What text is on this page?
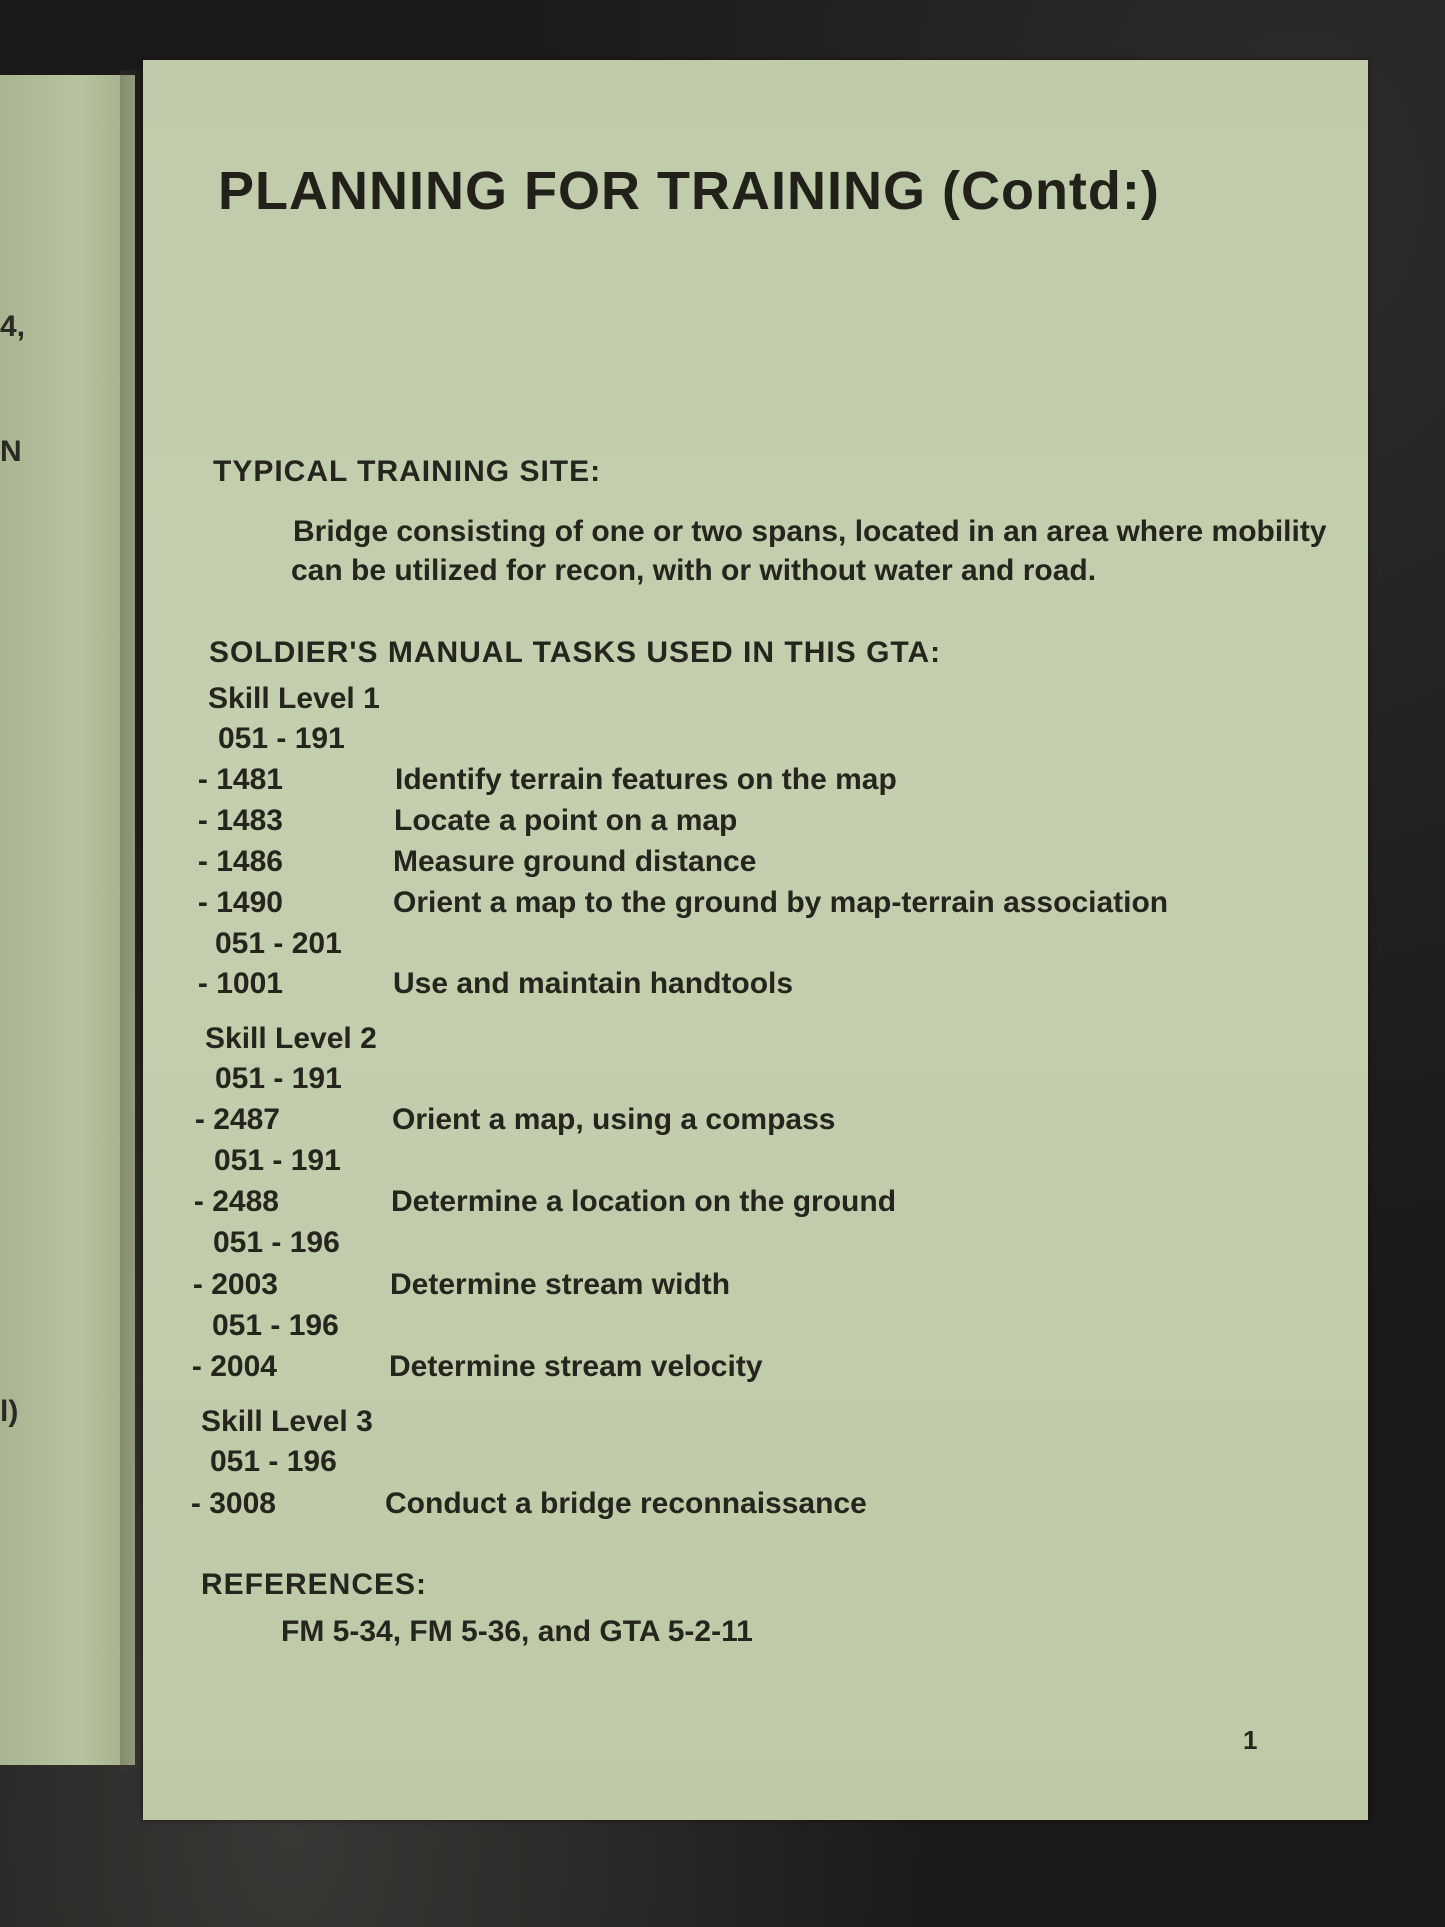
4,
N
l)
PLANNING FOR TRAINING (Contd:)
TYPICAL TRAINING SITE:
Bridge consisting of one or two spans, located in an area where mobility
can be utilized for recon, with or without water and road.
SOLDIER'S MANUAL TASKS USED IN THIS GTA:
Skill Level 1
051 - 191
- 1481	Identify terrain features on the map
- 1483	Locate a point on a map
- 1486	Measure ground distance
- 1490	Orient a map to the ground by map-terrain association
051 - 201
- 1001	Use and maintain handtools
Skill Level 2
051 - 191
- 2487	Orient a map, using a compass
051 - 191
- 2488	Determine a location on the ground
051 - 196
- 2003	Determine stream width
051 - 196
- 2004	Determine stream velocity
Skill Level 3
051 - 196
- 3008	Conduct a bridge reconnaissance
REFERENCES:
FM 5-34, FM 5-36, and GTA 5-2-11
1
